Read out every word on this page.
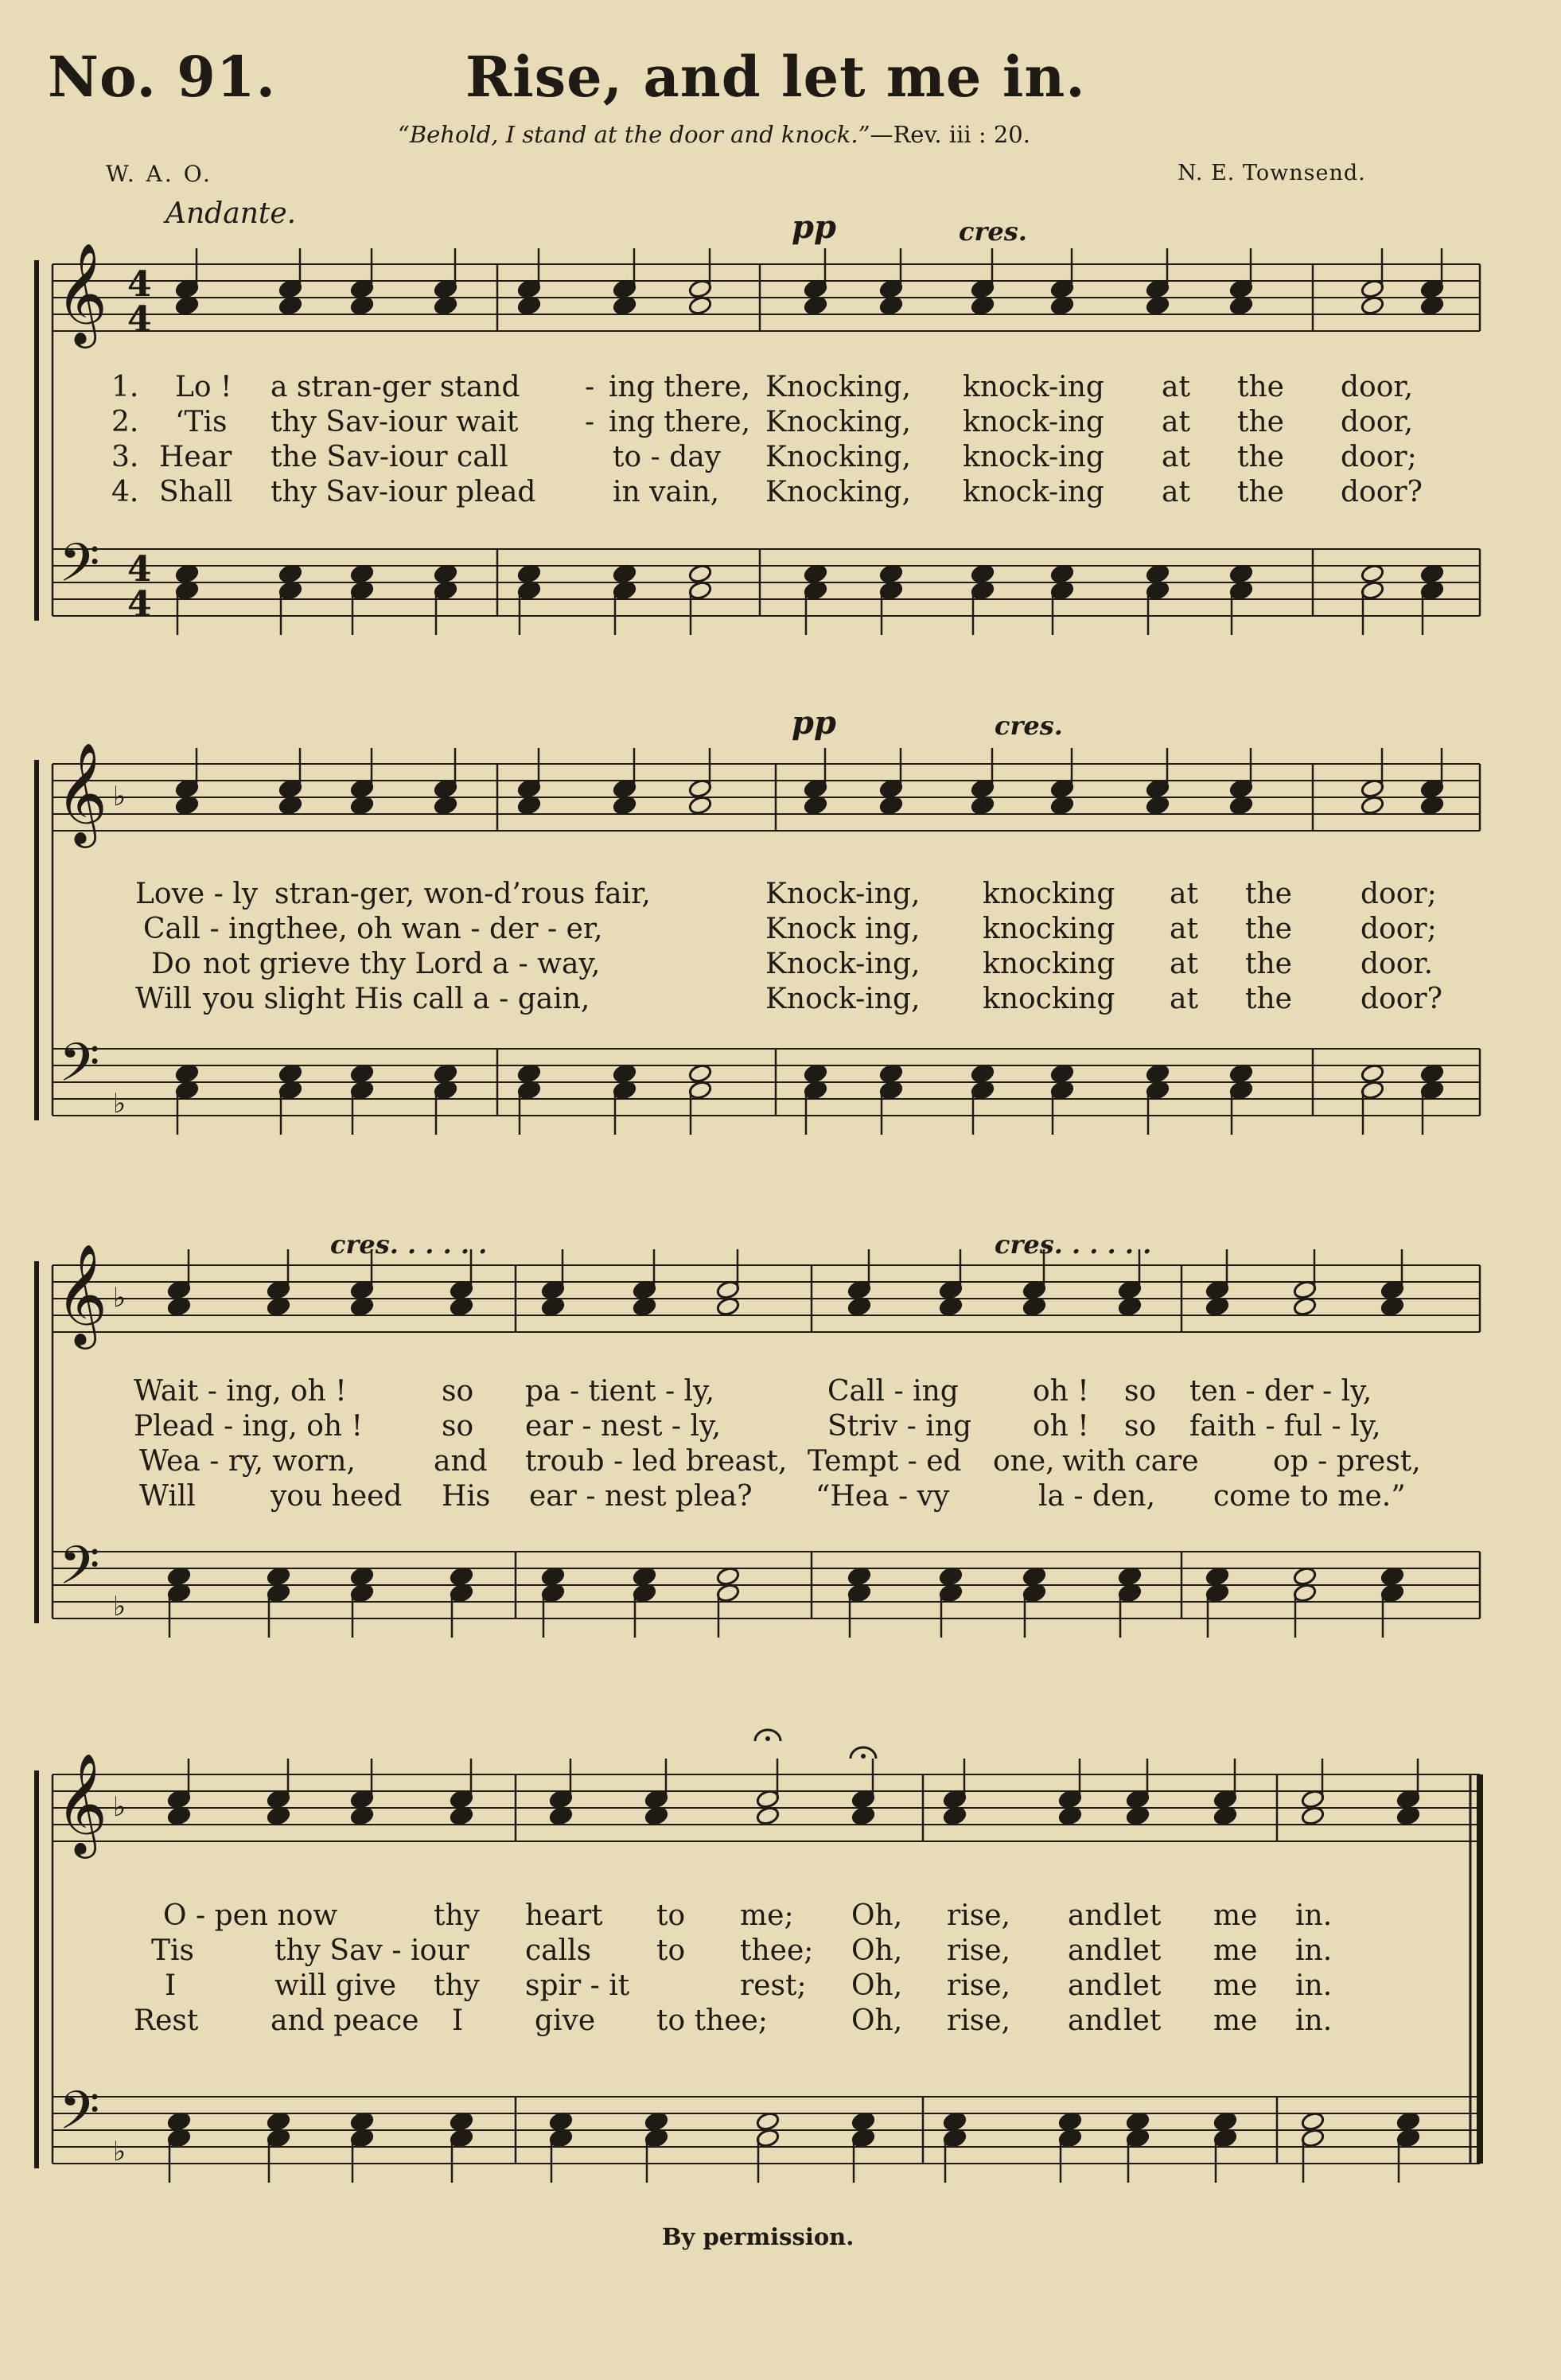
No. 91.	Rise, and let me in.
“Behold, I stand at the door and knock.”—Rev. iii : 20.
W. A. O.	N. E. Townsend.
Andante.	pp	cres.
pp	cres.
cres. . . . . .	cres. . . . . .
𝄞
𝄢
4
4
4
4
𝄞
𝄢
♭
♭
𝄞
𝄢
♭
♭
𝄞
𝄢
♭
♭
1. Lo ! a stran-ger stand - ing there, Knocking, knock-ing at the door,
2. ‘Tis thy Sav-iour wait - ing there, Knocking, knock-ing at the door,
3. Hear the Sav-iour call	to - day Knocking, knock-ing at the door;
4. Shall thy Sav-iour plead	in vain, Knocking, knock-ing at the door?
Love - ly stran-ger, won-d’rous fair,	Knock-ing, knocking at the door;
Call - ing thee, oh wan - der - er,	Knock ing, knocking at the door;
Do not grieve thy Lord a - way,	Knock-ing, knocking at the door.
Will you slight His call a - gain,	Knock-ing, knocking at the door?
Wait - ing, oh !	so pa - tient - ly,	Call - ing	oh ! so ten - der - ly,
Plead - ing, oh !	so ear - nest - ly,	Striv - ing oh ! so faith - ful - ly,
Wea - ry, worn,	and troub - led breast, Tempt - ed one, with care	op - prest,
Will	you heed His ear - nest plea? “Hea - vy	la - den, come to me.”
O - pen now	thy heart to me; Oh, rise, and let me in.
Tis	thy Sav - iour calls to thee; Oh, rise, and let me in.
I	will give thy spir - it	rest; Oh, rise, and let me in.
Rest	and peace I give to thee;	Oh, rise, and let me in.
By permission.
